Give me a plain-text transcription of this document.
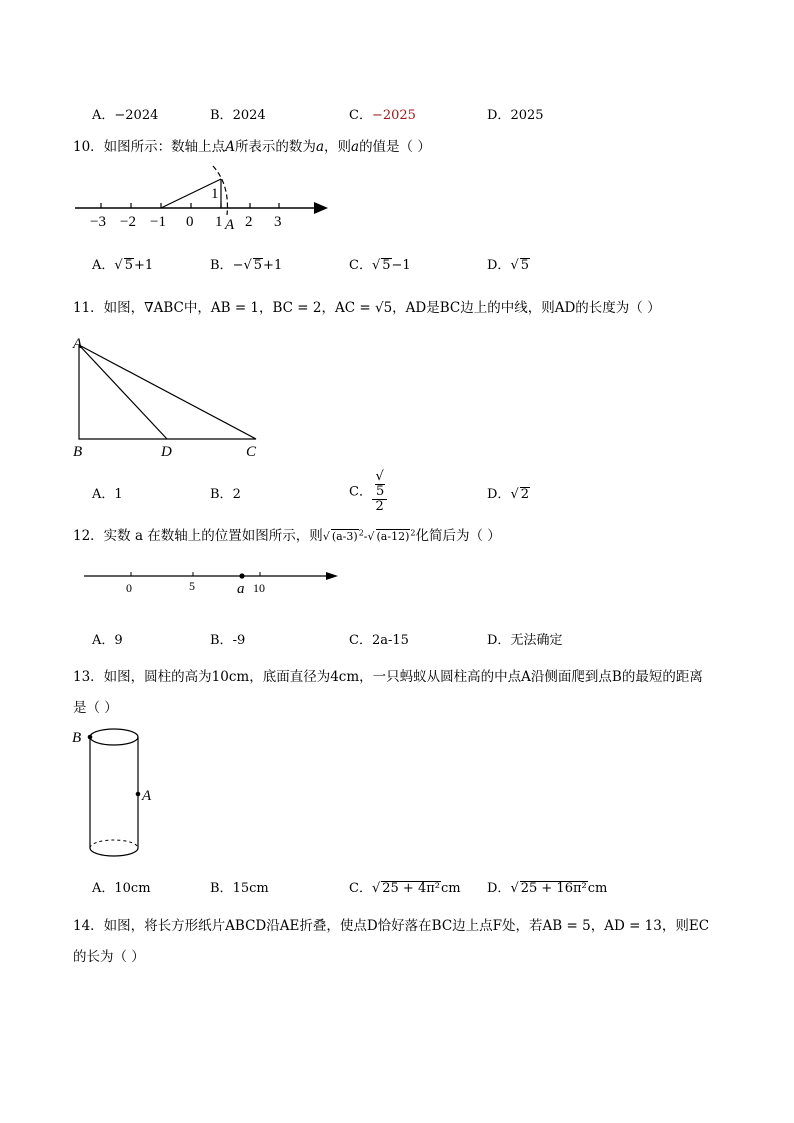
A．−2024	B．2024	C．−2025	D．2025
10．如图所示：数轴上点A所表示的数为a，则a的值是（ ）
1
−3 −2 −1 0 1 2 3
A
A．√ 5+1	B．−√ 5+1	C．√ 5−1	D．√ 5
11．如图，∇ABC中，AB = 1，BC = 2，AC = √5，AD是BC边上的中线，则AD的长度为（ ）
A
B	D	C
A．1	B．2	C． √
5
2	D．√ 2
12．实数 a 在数轴上的位置如图所示，则√ $(a-3)^2-√$ $(a-12)^2$化简后为（ ）
0	5	a 10
A．9	B．-9	C．2a-15	D．无法确定
13．如图，圆柱的高为10cm，底面直径为4cm，一只蚂蚁从圆柱高的中点A沿侧面爬到点B的最短的距离
是（ ）
B
A
A．10cm	B．15cm	C．√ 25 + 4π²cm D．√ 25 + 16π²cm
14．如图，将长方形纸片ABCD沿AE折叠，使点D恰好落在BC边上点F处，若AB = 5，AD = 13，则EC
的长为（ ）
